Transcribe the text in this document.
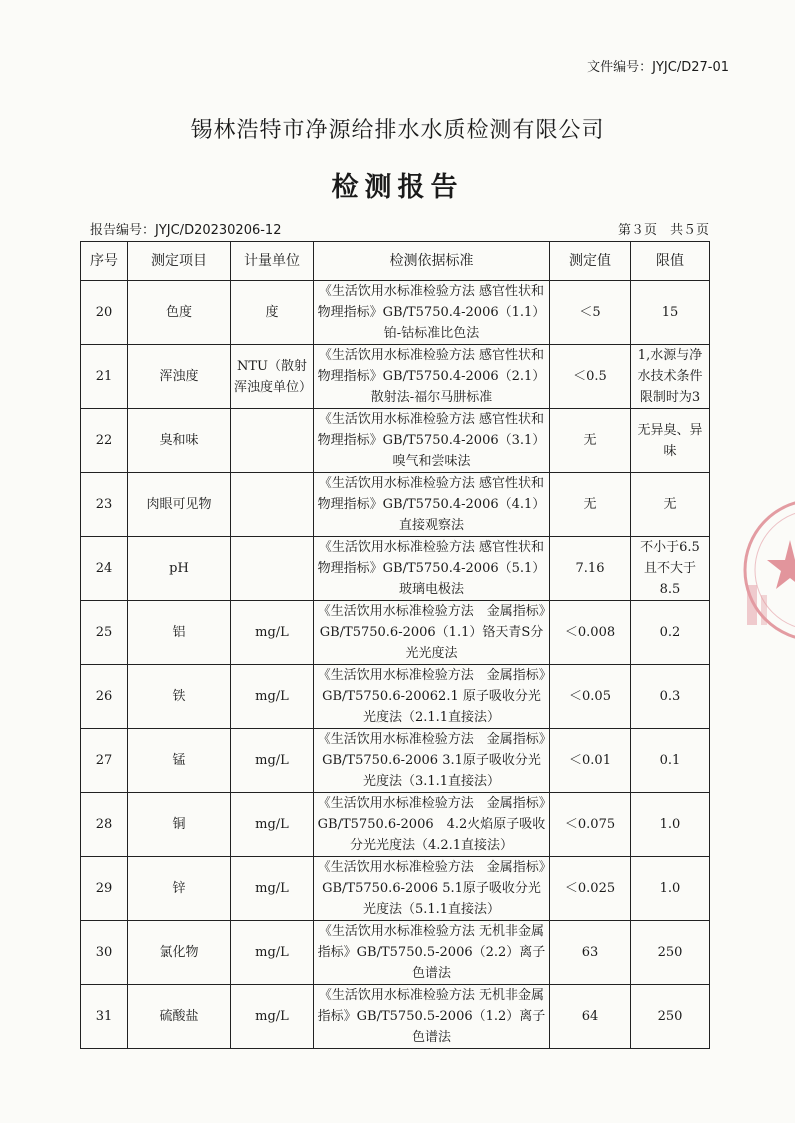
文件编号：JYJC/D27-01
锡林浩特市净源给排水水质检测有限公司
检测报告
报告编号：JYJC/D20230206-12	第３页　共５页
序号	测定项目	计量单位	检测依据标准	测定值	限值
20	色度	度	《生活饮用水标准检验方法 感官性状和物理指标》GB/T5750.4-2006（1.1）铂-钴标准比色法	＜5	15
21	浑浊度	NTU（散射浑浊度单位）	《生活饮用水标准检验方法 感官性状和物理指标》GB/T5750.4-2006（2.1）散射法-福尔马肼标准	＜0.5	1,水源与净水技术条件限制时为3
22	臭和味		《生活饮用水标准检验方法 感官性状和物理指标》GB/T5750.4-2006（3.1）嗅气和尝味法	无	无异臭、异味
23	肉眼可见物		《生活饮用水标准检验方法 感官性状和物理指标》GB/T5750.4-2006（4.1）直接观察法	无	无
24	pH		《生活饮用水标准检验方法 感官性状和物理指标》GB/T5750.4-2006（5.1）玻璃电极法	7.16	不小于6.5且不大于8.5
25	铝	mg/L	《生活饮用水标准检验方法　金属指标》GB/T5750.6-2006（1.1）铬天青S分光光度法	＜0.008	0.2
26	铁	mg/L	《生活饮用水标准检验方法　金属指标》GB/T5750.6-20062.1 原子吸收分光光度法（2.1.1直接法）	＜0.05	0.3
27	锰	mg/L	《生活饮用水标准检验方法　金属指标》GB/T5750.6-2006 3.1原子吸收分光光度法（3.1.1直接法）	＜0.01	0.1
28	铜	mg/L	《生活饮用水标准检验方法　金属指标》GB/T5750.6-2006　4.2火焰原子吸收分光光度法（4.2.1直接法）	＜0.075	1.0
29	锌	mg/L	《生活饮用水标准检验方法　金属指标》GB/T5750.6-2006 5.1原子吸收分光光度法（5.1.1直接法）	＜0.025	1.0
30	氯化物	mg/L	《生活饮用水标准检验方法 无机非金属指标》GB/T5750.5-2006（2.2）离子色谱法	63	250
31	硫酸盐	mg/L	《生活饮用水标准检验方法 无机非金属指标》GB/T5750.5-2006（1.2）离子色谱法	64	250
